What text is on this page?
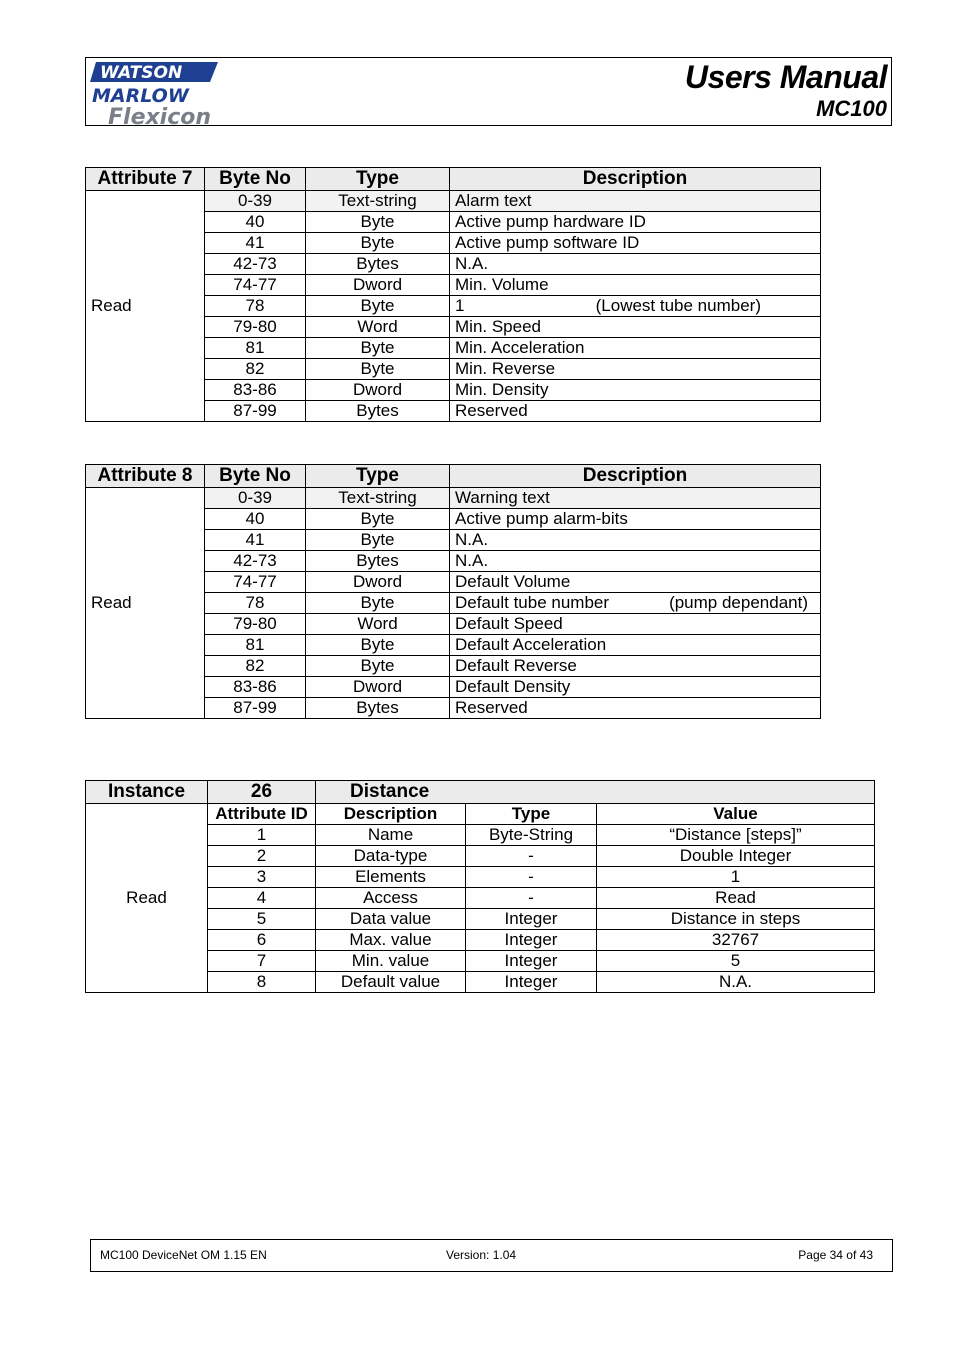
WATSON
MARLOW
Flexicon
Users Manual
MC100
Attribute 7	Byte No	Type	Description
Read	0-39	Text-string	Alarm text

	40	Byte	Active pump hardware ID

	41	Byte	Active pump software ID

	42-73	Bytes	N.A.

	74-77	Dword	Min. Volume

	78	Byte	1 (Lowest tube number)

	79-80	Word	Min. Speed

	81	Byte	Min. Acceleration

	82	Byte	Min. Reverse

	83-86	Dword	Min. Density

	87-99	Bytes	Reserved
Attribute 8	Byte No	Type	Description
Read	0-39	Text-string	Warning text

	40	Byte	Active pump alarm-bits

	41	Byte	N.A.

	42-73	Bytes	N.A.

	74-77	Dword	Default Volume

	78	Byte	Default tube number (pump dependant)

	79-80	Word	Default Speed

	81	Byte	Default Acceleration

	82	Byte	Default Reverse

	83-86	Dword	Default Density

	87-99	Bytes	Reserved
Instance	26	Distance		
Read	Attribute ID	Description	Type	Value
	1	Name	Byte-String	“Distance [steps]”
	2	Data-type	-	Double Integer
	3	Elements	-	1
	4	Access	-	Read
	5	Data value	Integer	Distance in steps
	6	Max. value	Integer	32767
	7	Min. value	Integer	5
	8	Default value	Integer	N.A.
MC100 DeviceNet OM 1.15 EN	Version: 1.04	Page 34 of 43
